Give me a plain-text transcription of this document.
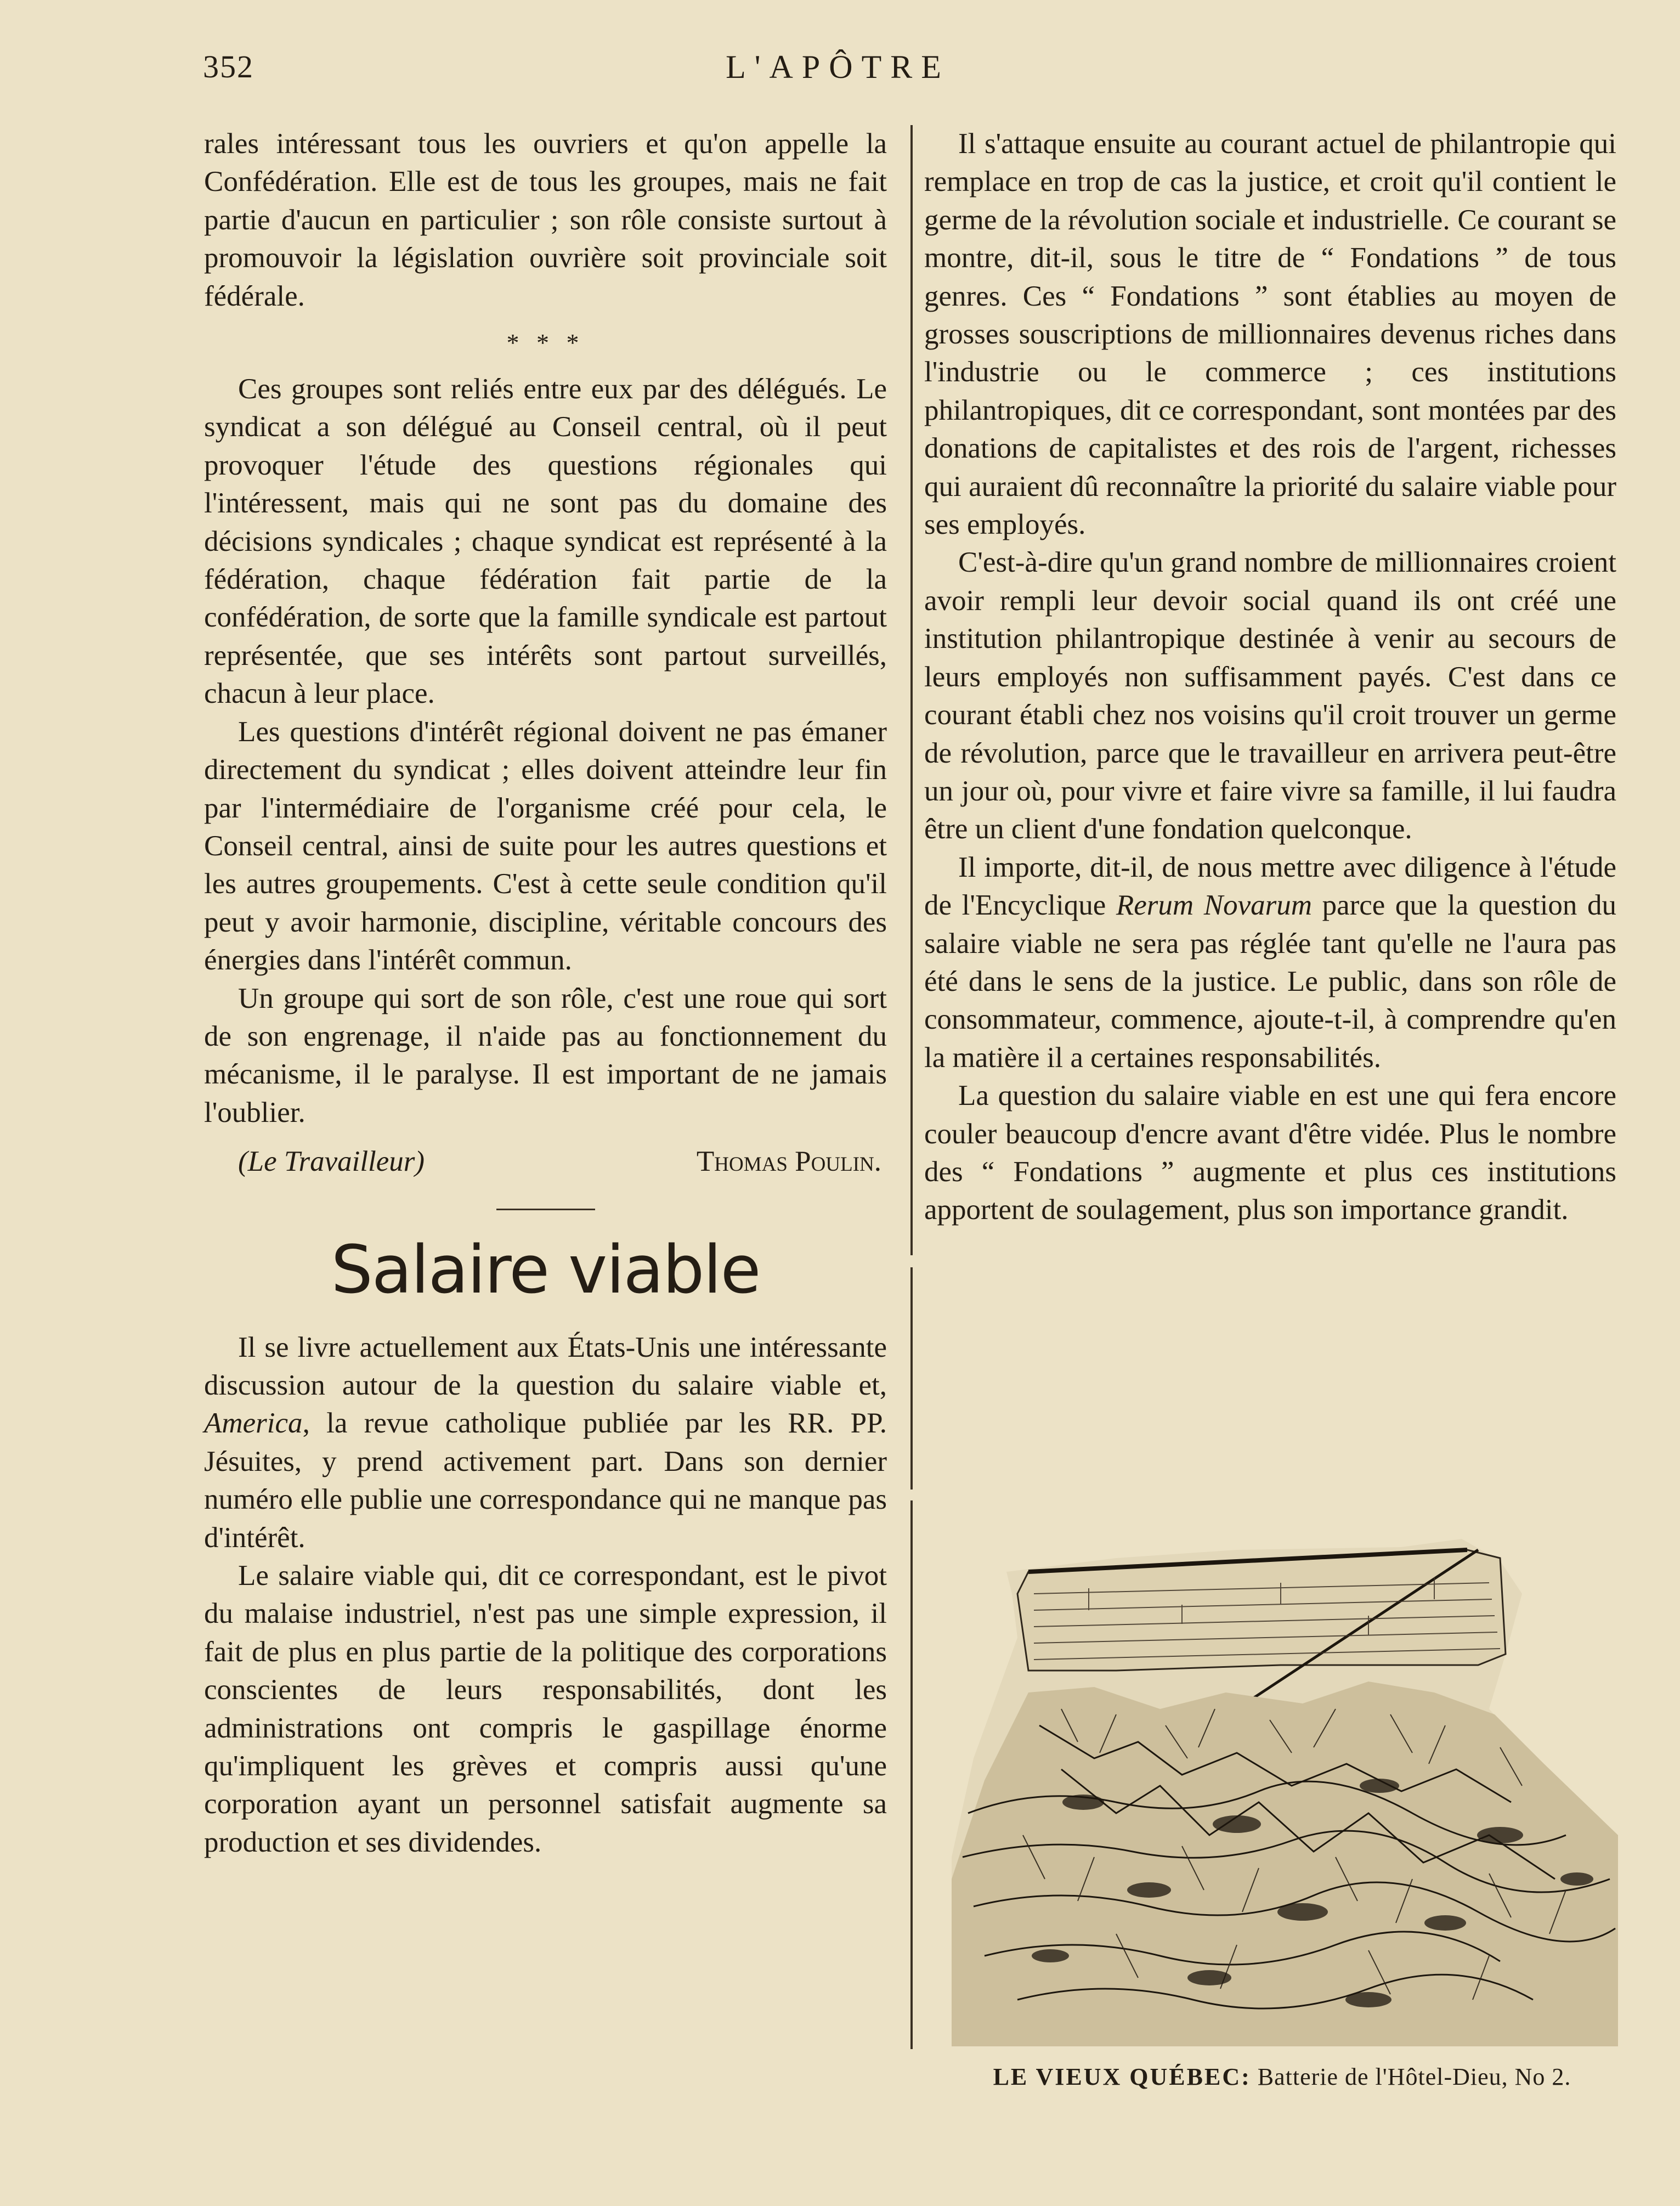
352	L'APÔTRE

rales intéressant tous les ouvriers et qu'on appelle la Confédération. Elle est de tous les groupes, mais ne fait partie d'aucun en particulier ; son rôle consiste surtout à promouvoir la législation ouvrière soit provinciale soit fédérale.

* * *

Ces groupes sont reliés entre eux par des délégués. Le syndicat a son délégué au Conseil central, où il peut provoquer l'étude des questions régionales qui l'intéressent, mais qui ne sont pas du domaine des décisions syndicales ; chaque syndicat est représenté à la fédération, chaque fédération fait partie de la confédération, de sorte que la famille syndicale est partout représentée, que ses intérêts sont partout surveillés, chacun à leur place.

Les questions d'intérêt régional doivent ne pas émaner directement du syndicat ; elles doivent atteindre leur fin par l'intermédiaire de l'organisme créé pour cela, le Conseil central, ainsi de suite pour les autres questions et les autres groupements. C'est à cette seule condition qu'il peut y avoir harmonie, discipline, véritable concours des énergies dans l'intérêt commun.

Un groupe qui sort de son rôle, c'est une roue qui sort de son engrenage, il n'aide pas au fonctionnement du mécanisme, il le paralyse. Il est important de ne jamais l'oublier.

(Le Travailleur)	Thomas Poulin.
Salaire viable

Il se livre actuellement aux États-Unis une intéressante discussion autour de la question du salaire viable et, America, la revue catholique publiée par les RR. PP. Jésuites, y prend activement part. Dans son dernier numéro elle publie une correspondance qui ne manque pas d'intérêt.

Le salaire viable qui, dit ce correspondant, est le pivot du malaise industriel, n'est pas une simple expression, il fait de plus en plus partie de la politique des corporations conscientes de leurs responsabilités, dont les administrations ont compris le gaspillage énorme qu'impliquent les grèves et compris aussi qu'une corporation ayant un personnel satisfait augmente sa production et ses dividendes.

Il s'attaque ensuite au courant actuel de philantropie qui remplace en trop de cas la justice, et croit qu'il contient le germe de la révolution sociale et industrielle. Ce courant se montre, dit-il, sous le titre de “ Fondations ” de tous genres. Ces “ Fondations ” sont établies au moyen de grosses souscriptions de millionnaires devenus riches dans l'industrie ou le commerce ; ces institutions philantropiques, dit ce correspondant, sont montées par des donations de capitalistes et des rois de l'argent, richesses qui auraient dû reconnaître la priorité du salaire viable pour ses employés.

C'est-à-dire qu'un grand nombre de millionnaires croient avoir rempli leur devoir social quand ils ont créé une institution philantropique destinée à venir au secours de leurs employés non suffisamment payés. C'est dans ce courant établi chez nos voisins qu'il croit trouver un germe de révolution, parce que le travailleur en arrivera peut-être un jour où, pour vivre et faire vivre sa famille, il lui faudra être un client d'une fondation quelconque.

Il importe, dit-il, de nous mettre avec diligence à l'étude de l'Encyclique Rerum Novarum parce que la question du salaire viable ne sera pas réglée tant qu'elle ne l'aura pas été dans le sens de la justice. Le public, dans son rôle de consommateur, commence, ajoute-t-il, à comprendre qu'en la matière il a certaines responsabilités.

La question du salaire viable en est une qui fera encore couler beaucoup d'encre avant d'être vidée. Plus le nombre des “ Fondations ” augmente et plus ces institutions apportent de soulagement, plus son importance grandit.

LE VIEUX QUÉBEC: Batterie de l'Hôtel-Dieu, No 2.
